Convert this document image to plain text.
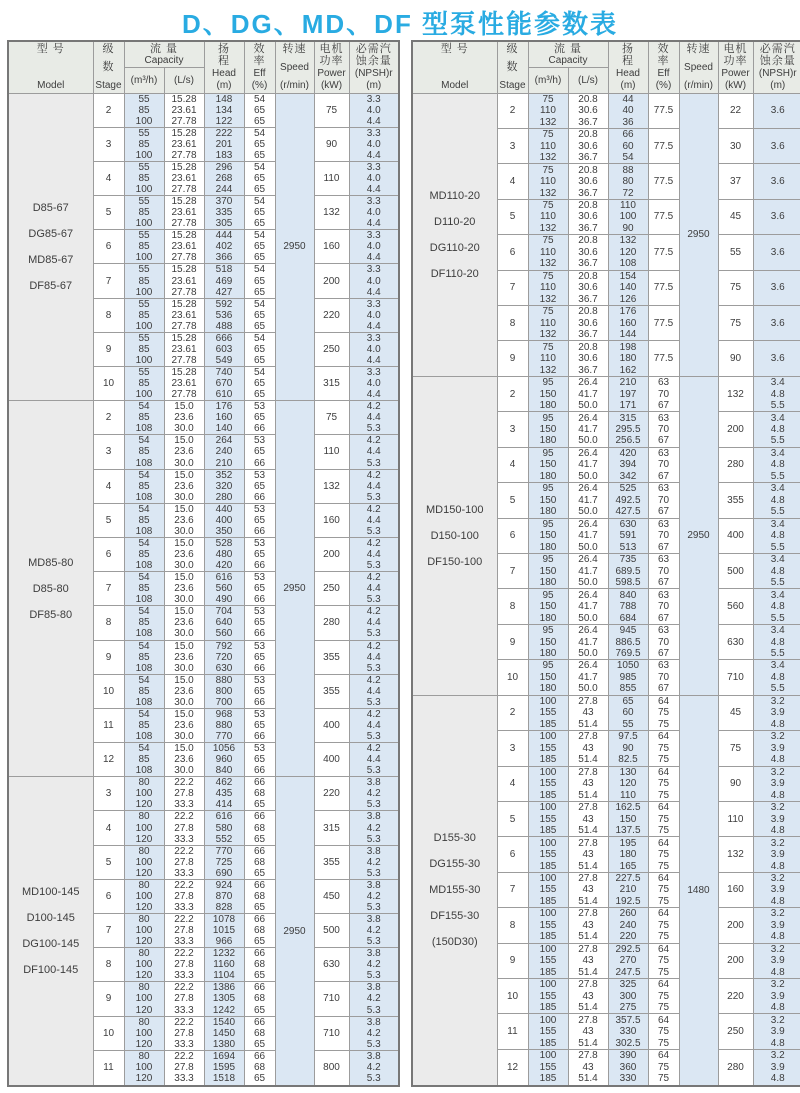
D、DG、MD、DF 型泵性能参数表
型 号
Model

级
数
Stage

流 量
Capacity

扬
程
Head
(m)

效
率
Eff
(%)

转速
Speed
(r/min)

电机
功率
Power
(kW)

必需汽
蚀余量
(NPSH)r
(m)

		(m³/h)	(L/s)					

D85-67
DG85-67
MD85-67
DF85-67	2	55	15.28	148	54	2950	75	3.3
		85	23.61	134	65			4.0
		100	27.78	122	65			4.4
	3	55	15.28	222	54		90	3.3
		85	23.61	201	65			4.0
		100	27.78	183	65			4.4
	4	55	15.28	296	54		110	3.3
		85	23.61	268	65			4.0
		100	27.78	244	65			4.4
	5	55	15.28	370	54		132	3.3
		85	23.61	335	65			4.0
		100	27.78	305	65			4.4
	6	55	15.28	444	54		160	3.3
		85	23.61	402	65			4.0
		100	27.78	366	65			4.4
	7	55	15.28	518	54		200	3.3
		85	23.61	469	65			4.0
		100	27.78	427	65			4.4
	8	55	15.28	592	54		220	3.3
		85	23.61	536	65			4.0
		100	27.78	488	65			4.4
	9	55	15.28	666	54		250	3.3
		85	23.61	603	65			4.0
		100	27.78	549	65			4.4
	10	55	15.28	740	54		315	3.3
		85	23.61	670	65			4.0
		100	27.78	610	65			4.4

MD85-80
D85-80
DF85-80	2	54	15.0	176	53	2950	75	4.2
		85	23.6	160	65			4.4
		108	30.0	140	66			5.3
	3	54	15.0	264	53		110	4.2
		85	23.6	240	65			4.4
		108	30.0	210	66			5.3
	4	54	15.0	352	53		132	4.2
		85	23.6	320	65			4.4
		108	30.0	280	66			5.3
	5	54	15.0	440	53		160	4.2
		85	23.6	400	65			4.4
		108	30.0	350	66			5.3
	6	54	15.0	528	53		200	4.2
		85	23.6	480	65			4.4
		108	30.0	420	66			5.3
	7	54	15.0	616	53		250	4.2
		85	23.6	560	65			4.4
		108	30.0	490	66			5.3
	8	54	15.0	704	53		280	4.2
		85	23.6	640	65			4.4
		108	30.0	560	66			5.3
	9	54	15.0	792	53		355	4.2
		85	23.6	720	65			4.4
		108	30.0	630	66			5.3
	10	54	15.0	880	53		355	4.2
		85	23.6	800	65			4.4
		108	30.0	700	66			5.3
	11	54	15.0	968	53		400	4.2
		85	23.6	880	65			4.4
		108	30.0	770	66			5.3
	12	54	15.0	1056	53		400	4.2
		85	23.6	960	65			4.4
		108	30.0	840	66			5.3

MD100-145
D100-145
DG100-145
DF100-145	3	80	22.2	462	66	2950	220	3.8
		100	27.8	435	68			4.2
		120	33.3	414	65			5.3
	4	80	22.2	616	66		315	3.8
		100	27.8	580	68			4.2
		120	33.3	552	65			5.3
	5	80	22.2	770	66		355	3.8
		100	27.8	725	68			4.2
		120	33.3	690	65			5.3
	6	80	22.2	924	66		450	3.8
		100	27.8	870	68			4.2
		120	33.3	828	65			5.3
	7	80	22.2	1078	66		500	3.8
		100	27.8	1015	68			4.2
		120	33.3	966	65			5.3
	8	80	22.2	1232	66		630	3.8
		100	27.8	1160	68			4.2
		120	33.3	1104	65			5.3
	9	80	22.2	1386	66		710	3.8
		100	27.8	1305	68			4.2
		120	33.3	1242	65			5.3
	10	80	22.2	1540	66		710	3.8
		100	27.8	1450	68			4.2
		120	33.3	1380	65			5.3
	11	80	22.2	1694	66		800	3.8
		100	27.8	1595	68			4.2
		120	33.3	1518	65			5.3
型 号
Model

级
数
Stage

流 量
Capacity

扬
程
Head
(m)

效
率
Eff
(%)

转速
Speed
(r/min)

电机
功率
Power
(kW)

必需汽
蚀余量
(NPSH)r
(m)

		(m³/h)	(L/s)					

MD110-20
D110-20
DG110-20
DF110-20	2	75	20.8	44	77.5	2950	22	3.6
		110	30.6	40				
		132	36.7	36				
	3	75	20.8	66	77.5		30	3.6
		110	30.6	60				
		132	36.7	54				
	4	75	20.8	88	77.5		37	3.6
		110	30.6	80				
		132	36.7	72				
	5	75	20.8	110	77.5		45	3.6
		110	30.6	100				
		132	36.7	90				
	6	75	20.8	132	77.5		55	3.6
		110	30.6	120				
		132	36.7	108				
	7	75	20.8	154	77.5		75	3.6
		110	30.6	140				
		132	36.7	126				
	8	75	20.8	176	77.5		75	3.6
		110	30.6	160				
		132	36.7	144				
	9	75	20.8	198	77.5		90	3.6
		110	30.6	180				
		132	36.7	162				

MD150-100
D150-100
DF150-100	2	95	26.4	210	63	2950	132	3.4
		150	41.7	197	70			4.8
		180	50.0	171	67			5.5
	3	95	26.4	315	63		200	3.4
		150	41.7	295.5	70			4.8
		180	50.0	256.5	67			5.5
	4	95	26.4	420	63		280	3.4
		150	41.7	394	70			4.8
		180	50.0	342	67			5.5
	5	95	26.4	525	63		355	3.4
		150	41.7	492.5	70			4.8
		180	50.0	427.5	67			5.5
	6	95	26.4	630	63		400	3.4
		150	41.7	591	70			4.8
		180	50.0	513	67			5.5
	7	95	26.4	735	63		500	3.4
		150	41.7	689.5	70			4.8
		180	50.0	598.5	67			5.5
	8	95	26.4	840	63		560	3.4
		150	41.7	788	70			4.8
		180	50.0	684	67			5.5
	9	95	26.4	945	63		630	3.4
		150	41.7	886.5	70			4.8
		180	50.0	769.5	67			5.5
	10	95	26.4	1050	63		710	3.4
		150	41.7	985	70			4.8
		180	50.0	855	67			5.5

D155-30
DG155-30
MD155-30
DF155-30
(150D30)	2	100	27.8	65	64	1480	45	3.2
		155	43	60	75			3.9
		185	51.4	55	75			4.8
	3	100	27.8	97.5	64		75	3.2
		155	43	90	75			3.9
		185	51.4	82.5	75			4.8
	4	100	27.8	130	64		90	3.2
		155	43	120	75			3.9
		185	51.4	110	75			4.8
	5	100	27.8	162.5	64		110	3.2
		155	43	150	75			3.9
		185	51.4	137.5	75			4.8
	6	100	27.8	195	64		132	3.2
		155	43	180	75			3.9
		185	51.4	165	75			4.8
	7	100	27.8	227.5	64		160	3.2
		155	43	210	75			3.9
		185	51.4	192.5	75			4.8
	8	100	27.8	260	64		200	3.2
		155	43	240	75			3.9
		185	51.4	220	75			4.8
	9	100	27.8	292.5	64		200	3.2
		155	43	270	75			3.9
		185	51.4	247.5	75			4.8
	10	100	27.8	325	64		220	3.2
		155	43	300	75			3.9
		185	51.4	275	75			4.8
	11	100	27.8	357.5	64		250	3.2
		155	43	330	75			3.9
		185	51.4	302.5	75			4.8
	12	100	27.8	390	64		280	3.2
		155	43	360	75			3.9
		185	51.4	330	75			4.8
